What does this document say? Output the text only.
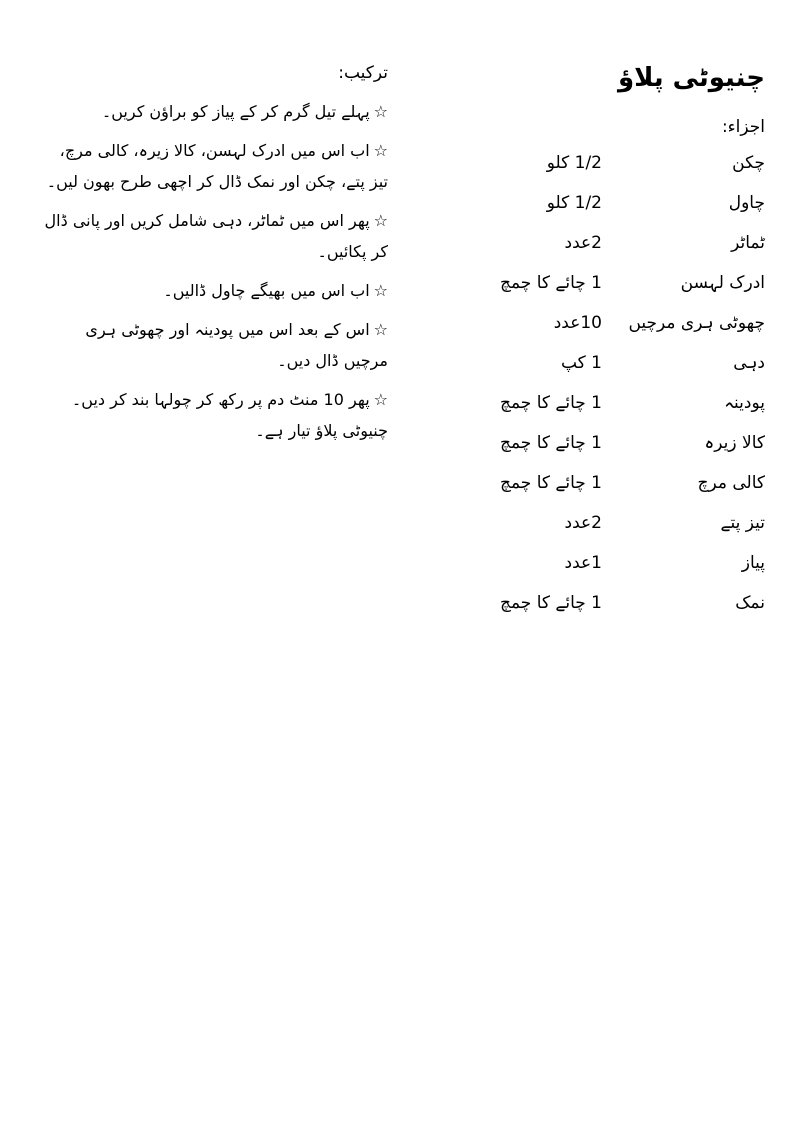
چنیوٹی پلاؤ
اجزاء:
چکن
1/2 کلو
چاول
1/2 کلو
ٹماٹر
2عدد
ادرک لہسن
1 چائے کا چمچ
چھوٹی ہری مرچیں
10عدد
دہی
1 کپ
پودینہ
1 چائے کا چمچ
کالا زیرہ
1 چائے کا چمچ
کالی مرچ
1 چائے کا چمچ
تیز پتے
2عدد
پیاز
1عدد
نمک
1 چائے کا چمچ
ترکیب:

☆پہلے تیل گرم کر کے پیاز کو براؤن کریں۔

☆اب اس میں ادرک لہسن، کالا زیرہ، کالی مرچ، تیز پتے، چکن اور نمک ڈال کر اچھی طرح بھون لیں۔

☆پھر اس میں ٹماٹر، دہی شامل کریں اور پانی ڈال کر پکائیں۔

☆اب اس میں بھیگے چاول ڈالیں۔

☆اس کے بعد اس میں پودینہ اور چھوٹی ہری مرچیں ڈال دیں۔

☆پھر 10 منٹ دم پر رکھ کر چولہا بند کر دیں۔چنیوٹی پلاؤ تیار ہے۔
